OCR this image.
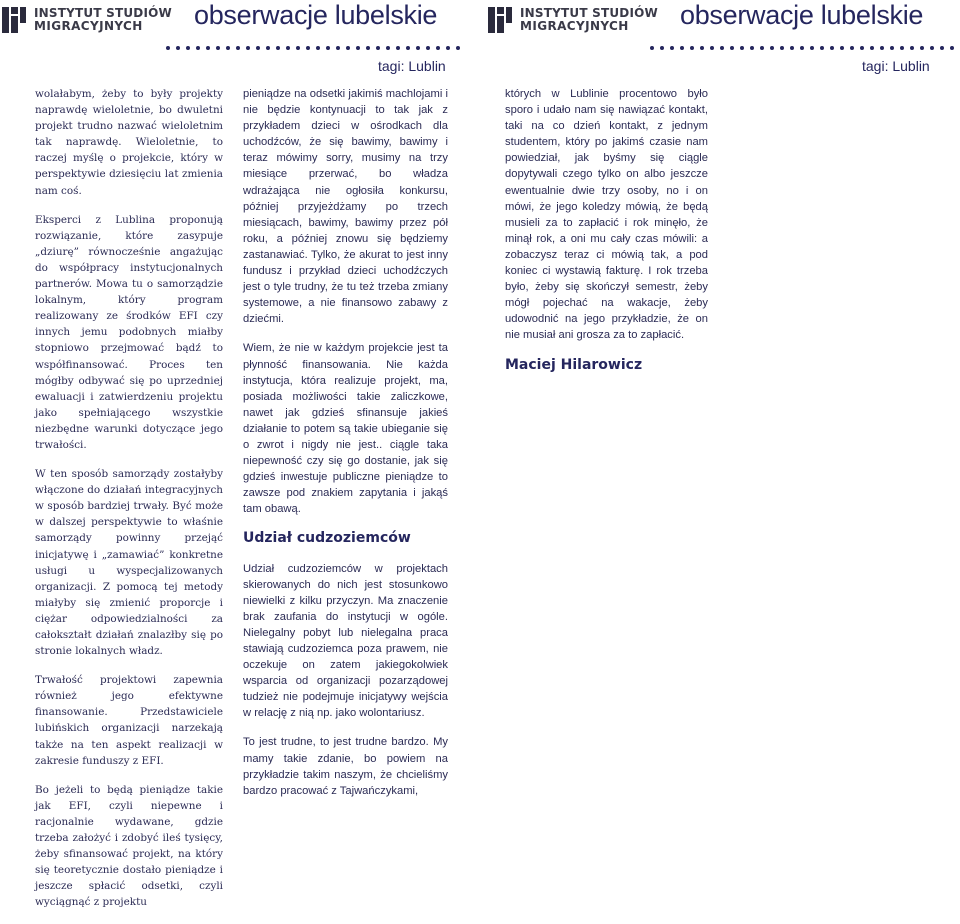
INSTYTUT STUDIÓW
MIGRACYJNYCH	obserwacje lubelskie
tagi: Lublin

wolałabym, żeby to były projekty naprawdę wieloletnie, bo dwuletni projekt trudno nazwać wieloletnim tak naprawdę. Wieloletnie, to raczej myślę o projekcie, który w perspektywie dziesięciu lat zmienia nam coś.

Eksperci z Lublina proponują rozwiązanie, które zasypuje „dziurę” równocześnie angażując do współpracy instytucjonalnych partnerów. Mowa tu o samorządzie lokalnym, który program realizowany ze środków EFI czy innych jemu podobnych miałby stopniowo przejmować bądź to współfinansować. Proces ten mógłby odbywać się po uprzedniej ewaluacji i zatwierdzeniu projektu jako spełniającego wszystkie niezbędne warunki dotyczące jego trwałości.

W ten sposób samorządy zostałyby włączone do działań integracyjnych w sposób bardziej trwały. Być może w dalszej perspektywie to właśnie samorządy powinny przejąć inicjatywę i „zamawiać” konkretne usługi u wyspecjalizowanych organizacji. Z pomocą tej metody miałyby się zmienić proporcje i ciężar odpowiedzialności za całokształt działań znalazłby się po stronie lokalnych władz.

Trwałość projektowi zapewnia również jego efektywne finansowanie. Przedstawiciele lubińskich organizacji narzekają także na ten aspekt realizacji w zakresie funduszy z EFI.

Bo jeżeli to będą pieniądze takie jak EFI, czyli niepewne i racjonalnie wydawane, gdzie trzeba założyć i zdobyć ileś tysięcy, żeby sfinansować projekt, na który się teoretycznie dostało pieniądze i jeszcze spłacić odsetki, czyli wyciągnąć z projektu

pieniądze na odsetki jakimiś machlojami i nie będzie kontynuacji to tak jak z przykładem dzieci w ośrodkach dla uchodźców, że się bawimy, bawimy i teraz mówimy sorry, musimy na trzy miesiące przerwać, bo władza wdrażająca nie ogłosiła konkursu, później przyjeżdżamy po trzech miesiącach, bawimy, bawimy przez pół roku, a później znowu się będziemy zastanawiać. Tylko, że akurat to jest inny fundusz i przykład dzieci uchodźczych jest o tyle trudny, że tu też trzeba zmiany systemowe, a nie finansowo zabawy z dziećmi.

Wiem, że nie w każdym projekcie jest ta płynność finansowania. Nie każda instytucja, która realizuje projekt, ma, posiada możliwości takie zaliczkowe, nawet jak gdzieś sfinansuje jakieś działanie to potem są takie ubieganie się o zwrot i nigdy nie jest.. ciągle taka niepewność czy się go dostanie, jak się gdzieś inwestuje publiczne pieniądze to zawsze pod znakiem zapytania i jakąś tam obawą.

Udział cudzoziemców

Udział cudzoziemców w projektach skierowanych do nich jest stosunkowo niewielki z kilku przyczyn. Ma znaczenie brak zaufania do instytucji w ogóle. Nielegalny pobyt lub nielegalna praca stawiają cudzoziemca poza prawem, nie oczekuje on zatem jakiegokolwiek wsparcia od organizacji pozarządowej tudzież nie podejmuje inicjatywy wejścia w relację z nią np. jako wolontariusz.

To jest trudne, to jest trudne bardzo. My mamy takie zdanie, bo powiem na przykładzie takim naszym, że chcieliśmy bardzo pracować z Tajwańczykami,

INSTYTUT STUDIÓW
MIGRACYJNYCH	obserwacje lubelskie
tagi: Lublin

których w Lublinie procentowo było sporo i udało nam się nawiązać kontakt, taki na co dzień kontakt, z jednym studentem, który po jakimś czasie nam powiedział, jak byśmy się ciągle dopytywali czego tylko on albo jeszcze ewentualnie dwie trzy osoby, no i on mówi, że jego koledzy mówią, że będą musieli za to zapłacić i rok minęło, że minął rok, a oni mu cały czas mówili: a zobaczysz teraz ci mówią tak, a pod koniec ci wystawią fakturę. I rok trzeba było, żeby się skończył semestr, żeby mógł pojechać na wakacje, żeby udowodnić na jego przykładzie, że on nie musiał ani grosza za to zapłacić.

Maciej Hilarowicz
